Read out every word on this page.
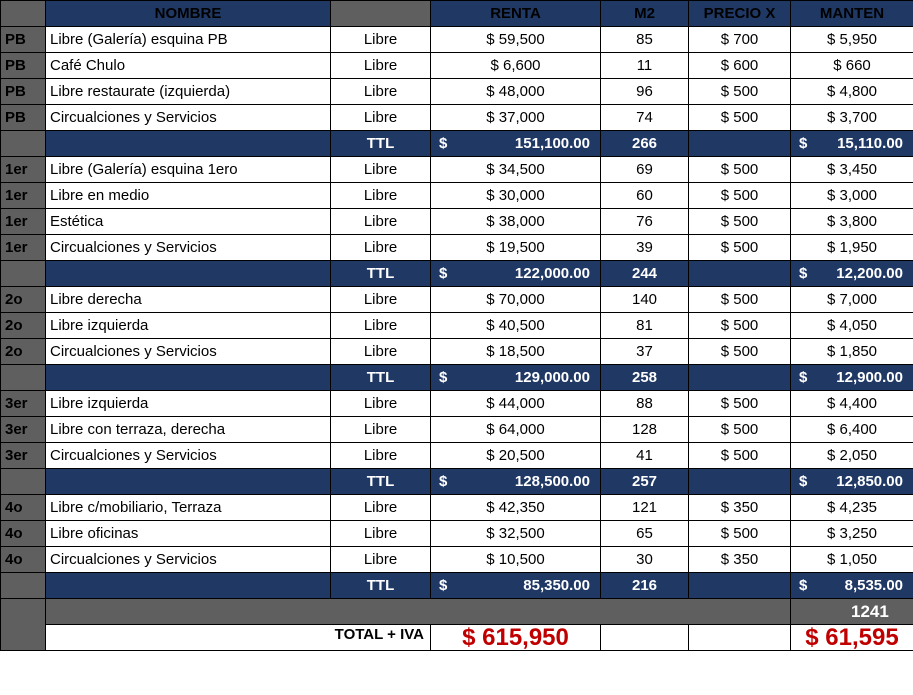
	NOMBRE		RENTA	M2	PRECIO X	MANTEN
PB	Libre (Galería) esquina PB	Libre	$ 59,500	85	$ 700	$ 5,950
PB	Café Chulo	Libre	$ 6,600	11	$ 600	$ 660
PB	Libre restaurate (izquierda)	Libre	$ 48,000	96	$ 500	$ 4,800
PB	Circualciones y Servicios	Libre	$ 37,000	74	$ 500	$ 3,700
		TTL	$ 151,100.00	266		$ 15,110.00

1er	Libre (Galería) esquina 1ero	Libre	$ 34,500	69	$ 500	$ 3,450
1er	Libre en medio	Libre	$ 30,000	60	$ 500	$ 3,000
1er	Estética	Libre	$ 38,000	76	$ 500	$ 3,800
1er	Circualciones y Servicios	Libre	$ 19,500	39	$ 500	$ 1,950
		TTL	$ 122,000.00	244		$ 12,200.00

2o	Libre derecha	Libre	$ 70,000	140	$ 500	$ 7,000
2o	Libre izquierda	Libre	$ 40,500	81	$ 500	$ 4,050
2o	Circualciones y Servicios	Libre	$ 18,500	37	$ 500	$ 1,850
		TTL	$ 129,000.00	258		$ 12,900.00

3er	Libre izquierda	Libre	$ 44,000	88	$ 500	$ 4,400
3er	Libre con terraza, derecha	Libre	$ 64,000	128	$ 500	$ 6,400
3er	Circualciones y Servicios	Libre	$ 20,500	41	$ 500	$ 2,050
		TTL	$ 128,500.00	257		$ 12,850.00

4o	Libre c/mobiliario, Terraza	Libre	$ 42,350	121	$ 350	$ 4,235
4o	Libre oficinas	Libre	$ 32,500	65	$ 500	$ 3,250
4o	Circualciones y Servicios	Libre	$ 10,500	30	$ 350	$ 1,050
		TTL	$ 85,350.00	216		$ 8,535.00

						1241
	TOTAL + IVA		$ 615,950			$ 61,595
